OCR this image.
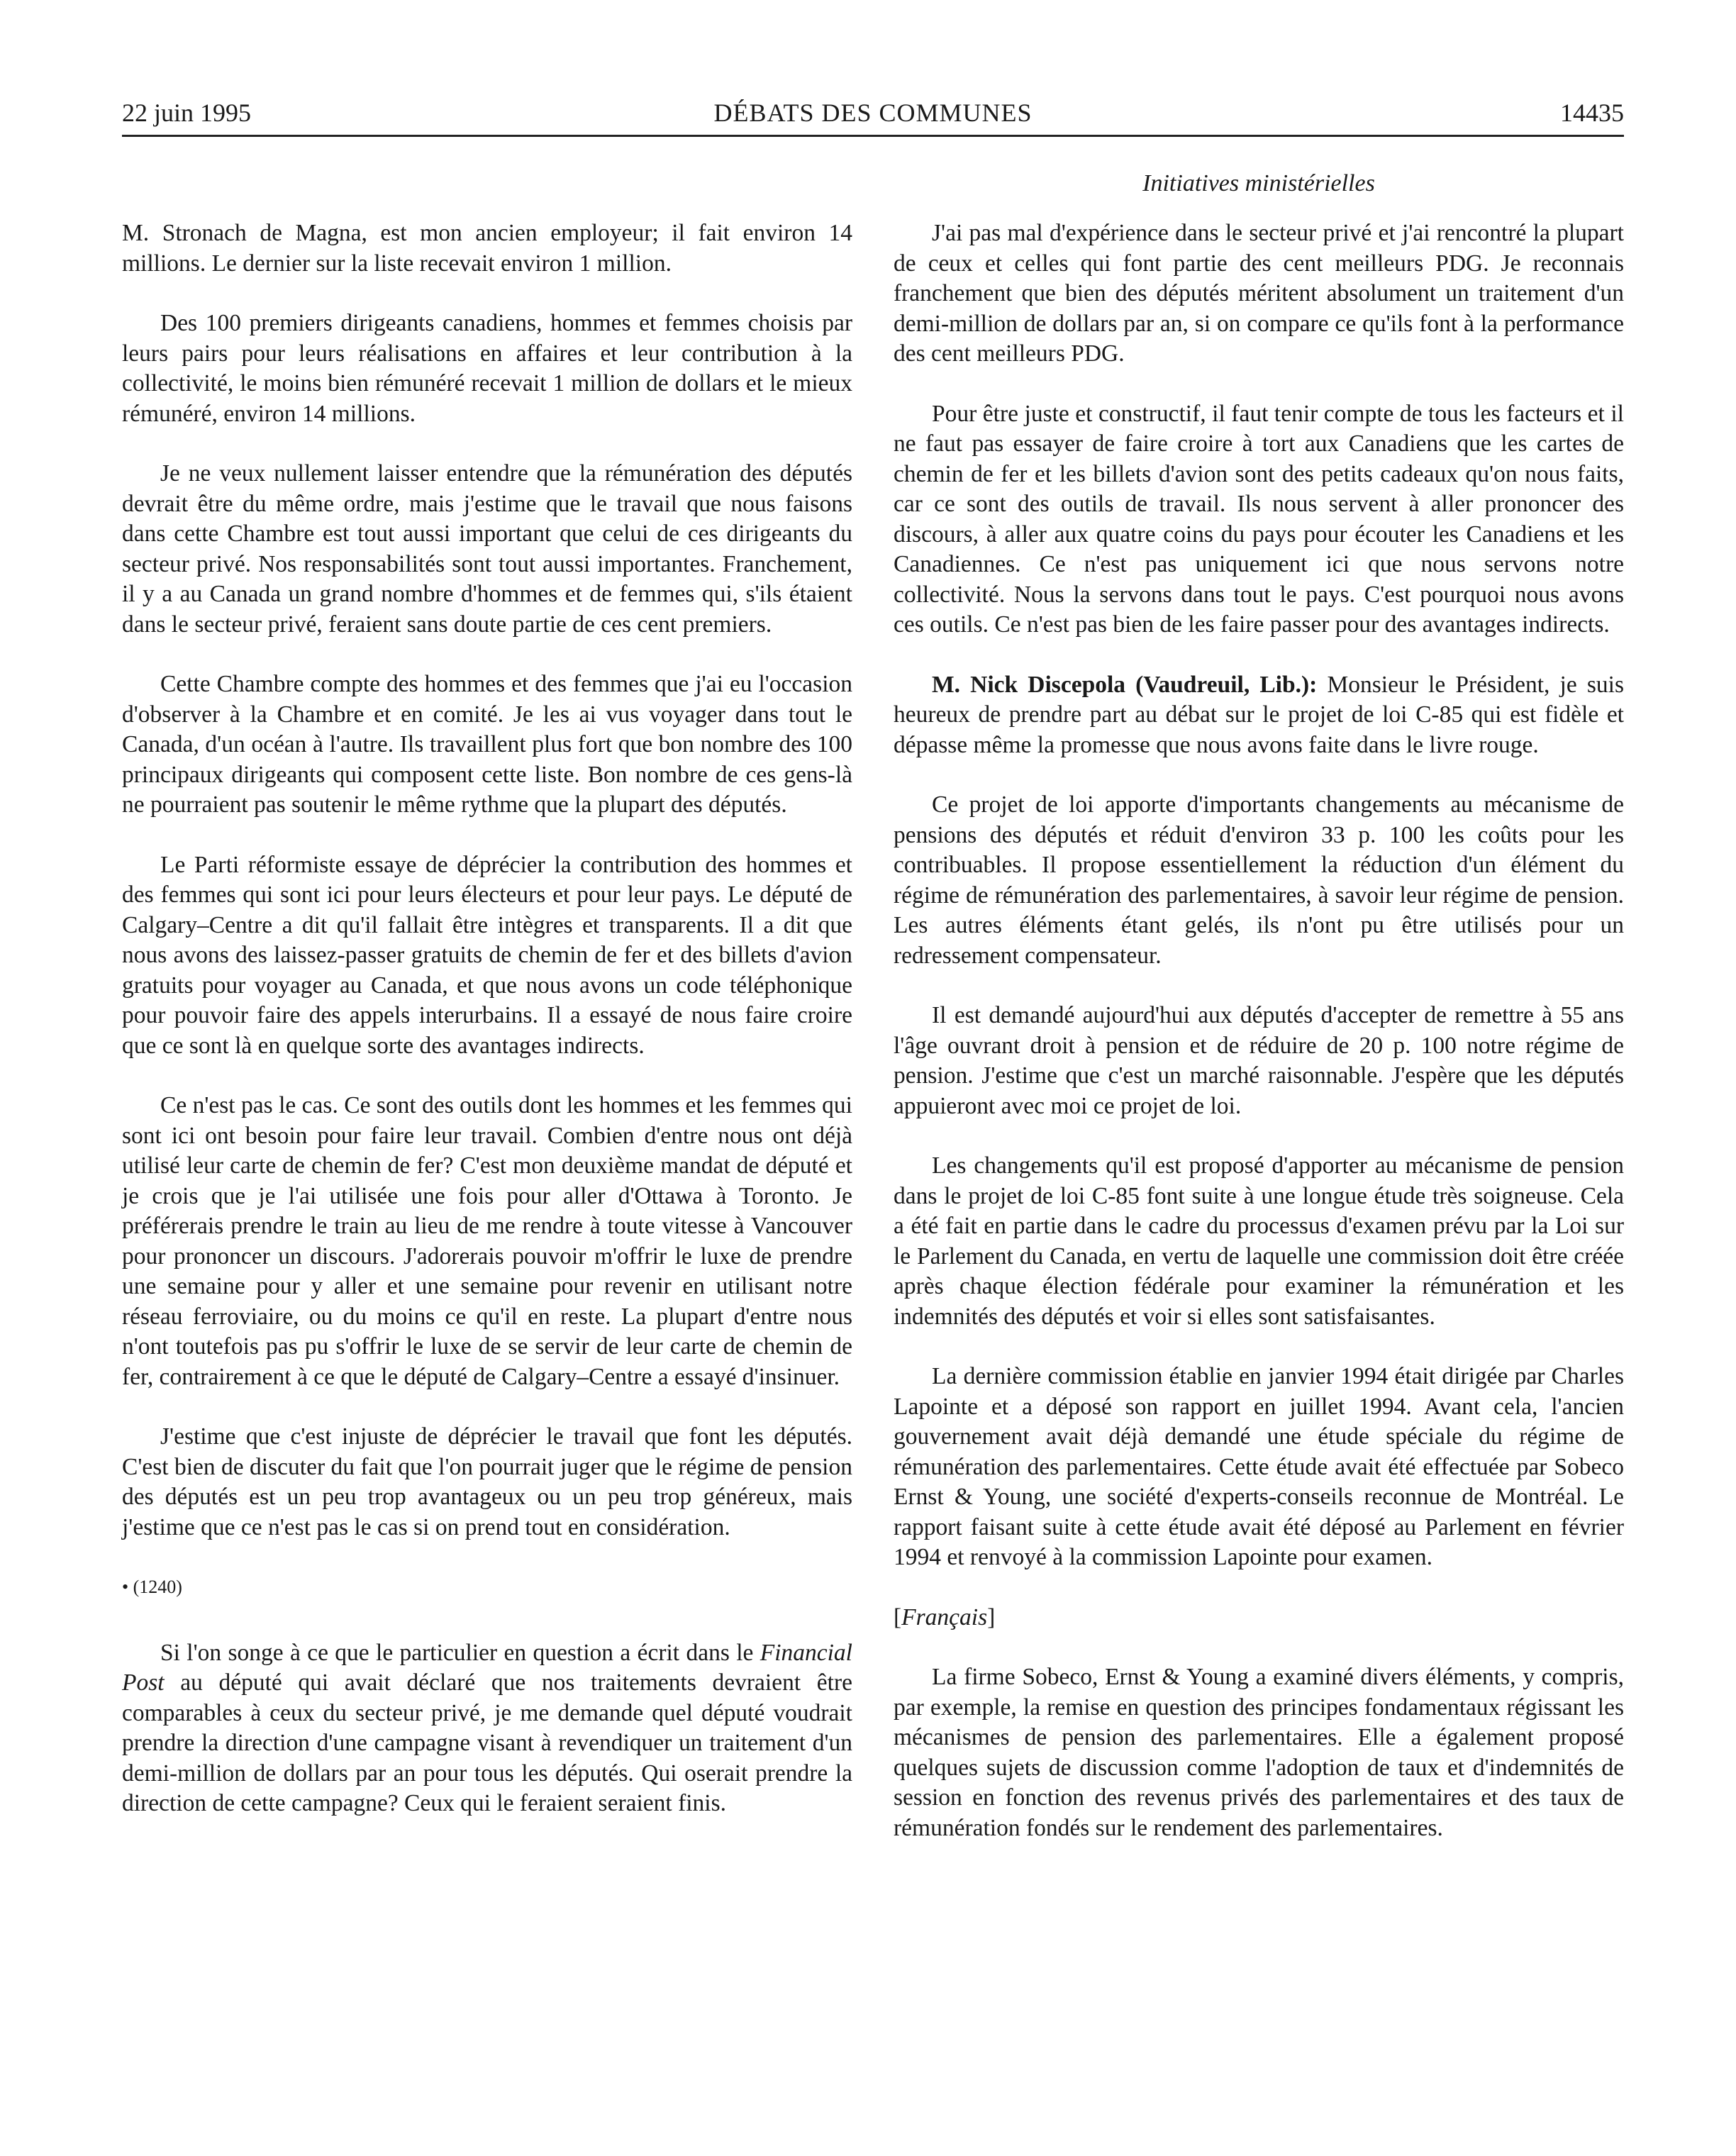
22 juin 1995	DÉBATS DES COMMUNES	14435
Initiatives ministérielles

M. Stronach de Magna, est mon ancien employeur; il fait environ 14 millions. Le dernier sur la liste recevait environ 1 million.

Des 100 premiers dirigeants canadiens, hommes et femmes choisis par leurs pairs pour leurs réalisations en affaires et leur contribution à la collectivité, le moins bien rémunéré recevait 1 million de dollars et le mieux rémunéré, environ 14 millions.

Je ne veux nullement laisser entendre que la rémunération des députés devrait être du même ordre, mais j'estime que le travail que nous faisons dans cette Chambre est tout aussi important que celui de ces dirigeants du secteur privé. Nos responsabilités sont tout aussi importantes. Franchement, il y a au Canada un grand nombre d'hommes et de femmes qui, s'ils étaient dans le secteur privé, feraient sans doute partie de ces cent premiers.

Cette Chambre compte des hommes et des femmes que j'ai eu l'occasion d'observer à la Chambre et en comité. Je les ai vus voyager dans tout le Canada, d'un océan à l'autre. Ils travaillent plus fort que bon nombre des 100 principaux dirigeants qui composent cette liste. Bon nombre de ces gens-là ne pourraient pas soutenir le même rythme que la plupart des députés.

Le Parti réformiste essaye de déprécier la contribution des hommes et des femmes qui sont ici pour leurs électeurs et pour leur pays. Le député de Calgary–Centre a dit qu'il fallait être intègres et transparents. Il a dit que nous avons des laissez-passer gratuits de chemin de fer et des billets d'avion gratuits pour voyager au Canada, et que nous avons un code téléphonique pour pouvoir faire des appels interurbains. Il a essayé de nous faire croire que ce sont là en quelque sorte des avantages indirects.

Ce n'est pas le cas. Ce sont des outils dont les hommes et les femmes qui sont ici ont besoin pour faire leur travail. Combien d'entre nous ont déjà utilisé leur carte de chemin de fer? C'est mon deuxième mandat de député et je crois que je l'ai utilisée une fois pour aller d'Ottawa à Toronto. Je préférerais prendre le train au lieu de me rendre à toute vitesse à Vancouver pour prononcer un discours. J'adorerais pouvoir m'offrir le luxe de prendre une semaine pour y aller et une semaine pour revenir en utilisant notre réseau ferroviaire, ou du moins ce qu'il en reste. La plupart d'entre nous n'ont toutefois pas pu s'offrir le luxe de se servir de leur carte de chemin de fer, contrairement à ce que le député de Calgary–Centre a essayé d'insinuer.

J'estime que c'est injuste de déprécier le travail que font les députés. C'est bien de discuter du fait que l'on pourrait juger que le régime de pension des députés est un peu trop avantageux ou un peu trop généreux, mais j'estime que ce n'est pas le cas si on prend tout en considération.

• (1240)

Si l'on songe à ce que le particulier en question a écrit dans le Financial Post au député qui avait déclaré que nos traitements devraient être comparables à ceux du secteur privé, je me demande quel député voudrait prendre la direction d'une campagne visant à revendiquer un traitement d'un demi-million de dollars par an pour tous les députés. Qui oserait prendre la direction de cette campagne? Ceux qui le feraient seraient finis.

J'ai pas mal d'expérience dans le secteur privé et j'ai rencontré la plupart de ceux et celles qui font partie des cent meilleurs PDG. Je reconnais franchement que bien des députés méritent absolument un traitement d'un demi-million de dollars par an, si on compare ce qu'ils font à la performance des cent meilleurs PDG.

Pour être juste et constructif, il faut tenir compte de tous les facteurs et il ne faut pas essayer de faire croire à tort aux Canadiens que les cartes de chemin de fer et les billets d'avion sont des petits cadeaux qu'on nous faits, car ce sont des outils de travail. Ils nous servent à aller prononcer des discours, à aller aux quatre coins du pays pour écouter les Canadiens et les Canadiennes. Ce n'est pas uniquement ici que nous servons notre collectivité. Nous la servons dans tout le pays. C'est pourquoi nous avons ces outils. Ce n'est pas bien de les faire passer pour des avantages indirects.

M. Nick Discepola (Vaudreuil, Lib.): Monsieur le Président, je suis heureux de prendre part au débat sur le projet de loi C-85 qui est fidèle et dépasse même la promesse que nous avons faite dans le livre rouge.

Ce projet de loi apporte d'importants changements au mécanisme de pensions des députés et réduit d'environ 33 p. 100 les coûts pour les contribuables. Il propose essentiellement la réduction d'un élément du régime de rémunération des parlementaires, à savoir leur régime de pension. Les autres éléments étant gelés, ils n'ont pu être utilisés pour un redressement compensateur.

Il est demandé aujourd'hui aux députés d'accepter de remettre à 55 ans l'âge ouvrant droit à pension et de réduire de 20 p. 100 notre régime de pension. J'estime que c'est un marché raisonnable. J'espère que les députés appuieront avec moi ce projet de loi.

Les changements qu'il est proposé d'apporter au mécanisme de pension dans le projet de loi C-85 font suite à une longue étude très soigneuse. Cela a été fait en partie dans le cadre du processus d'examen prévu par la Loi sur le Parlement du Canada, en vertu de laquelle une commission doit être créée après chaque élection fédérale pour examiner la rémunération et les indemnités des députés et voir si elles sont satisfaisantes.

La dernière commission établie en janvier 1994 était dirigée par Charles Lapointe et a déposé son rapport en juillet 1994. Avant cela, l'ancien gouvernement avait déjà demandé une étude spéciale du régime de rémunération des parlementaires. Cette étude avait été effectuée par Sobeco Ernst & Young, une société d'experts-conseils reconnue de Montréal. Le rapport faisant suite à cette étude avait été déposé au Parlement en février 1994 et renvoyé à la commission Lapointe pour examen.

[Français]

La firme Sobeco, Ernst & Young a examiné divers éléments, y compris, par exemple, la remise en question des principes fondamentaux régissant les mécanismes de pension des parlementaires. Elle a également proposé quelques sujets de discussion comme l'adoption de taux et d'indemnités de session en fonction des revenus privés des parlementaires et des taux de rémunération fondés sur le rendement des parlementaires.
